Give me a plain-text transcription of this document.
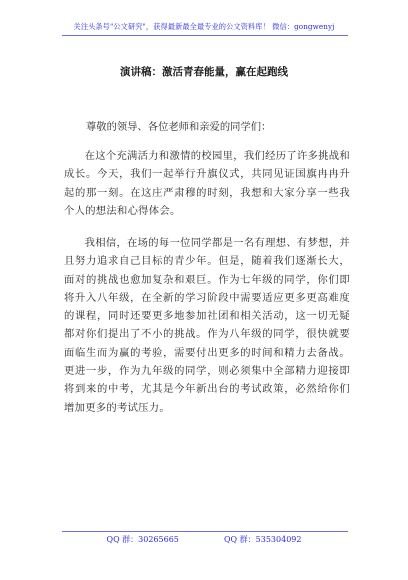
关注头条号"公文研究"，获得最新最全最专业的公文资料库！ 微信：gongwenyj
演讲稿：激活青春能量，赢在起跑线
尊敬的领导、各位老师和亲爱的同学们：

在这个充满活力和激情的校园里，我们经历了许多挑战和成长。今天，我们一起举行升旗仪式，共同见证国旗冉冉升起的那一刻。在这庄严肃穆的时刻，我想和大家分享一些我个人的想法和心得体会。

我相信，在场的每一位同学都是一名有理想、有梦想，并且努力追求自己目标的青少年。但是，随着我们逐渐长大，面对的挑战也愈加复杂和艰巨。作为七年级的同学，你们即将升入八年级，在全新的学习阶段中需要适应更多更高难度的课程，同时还要更多地参加社团和相关活动，这一切无疑都对你们提出了不小的挑战。作为八年级的同学，很快就要面临生而为赢的考验，需要付出更多的时间和精力去备战。更进一步，作为九年级的同学，则必须集中全部精力迎接即将到来的中考，尤其是今年新出台的考试政策，必然给你们增加更多的考试压力。

QQ 群：30265665	QQ 群：535304092
